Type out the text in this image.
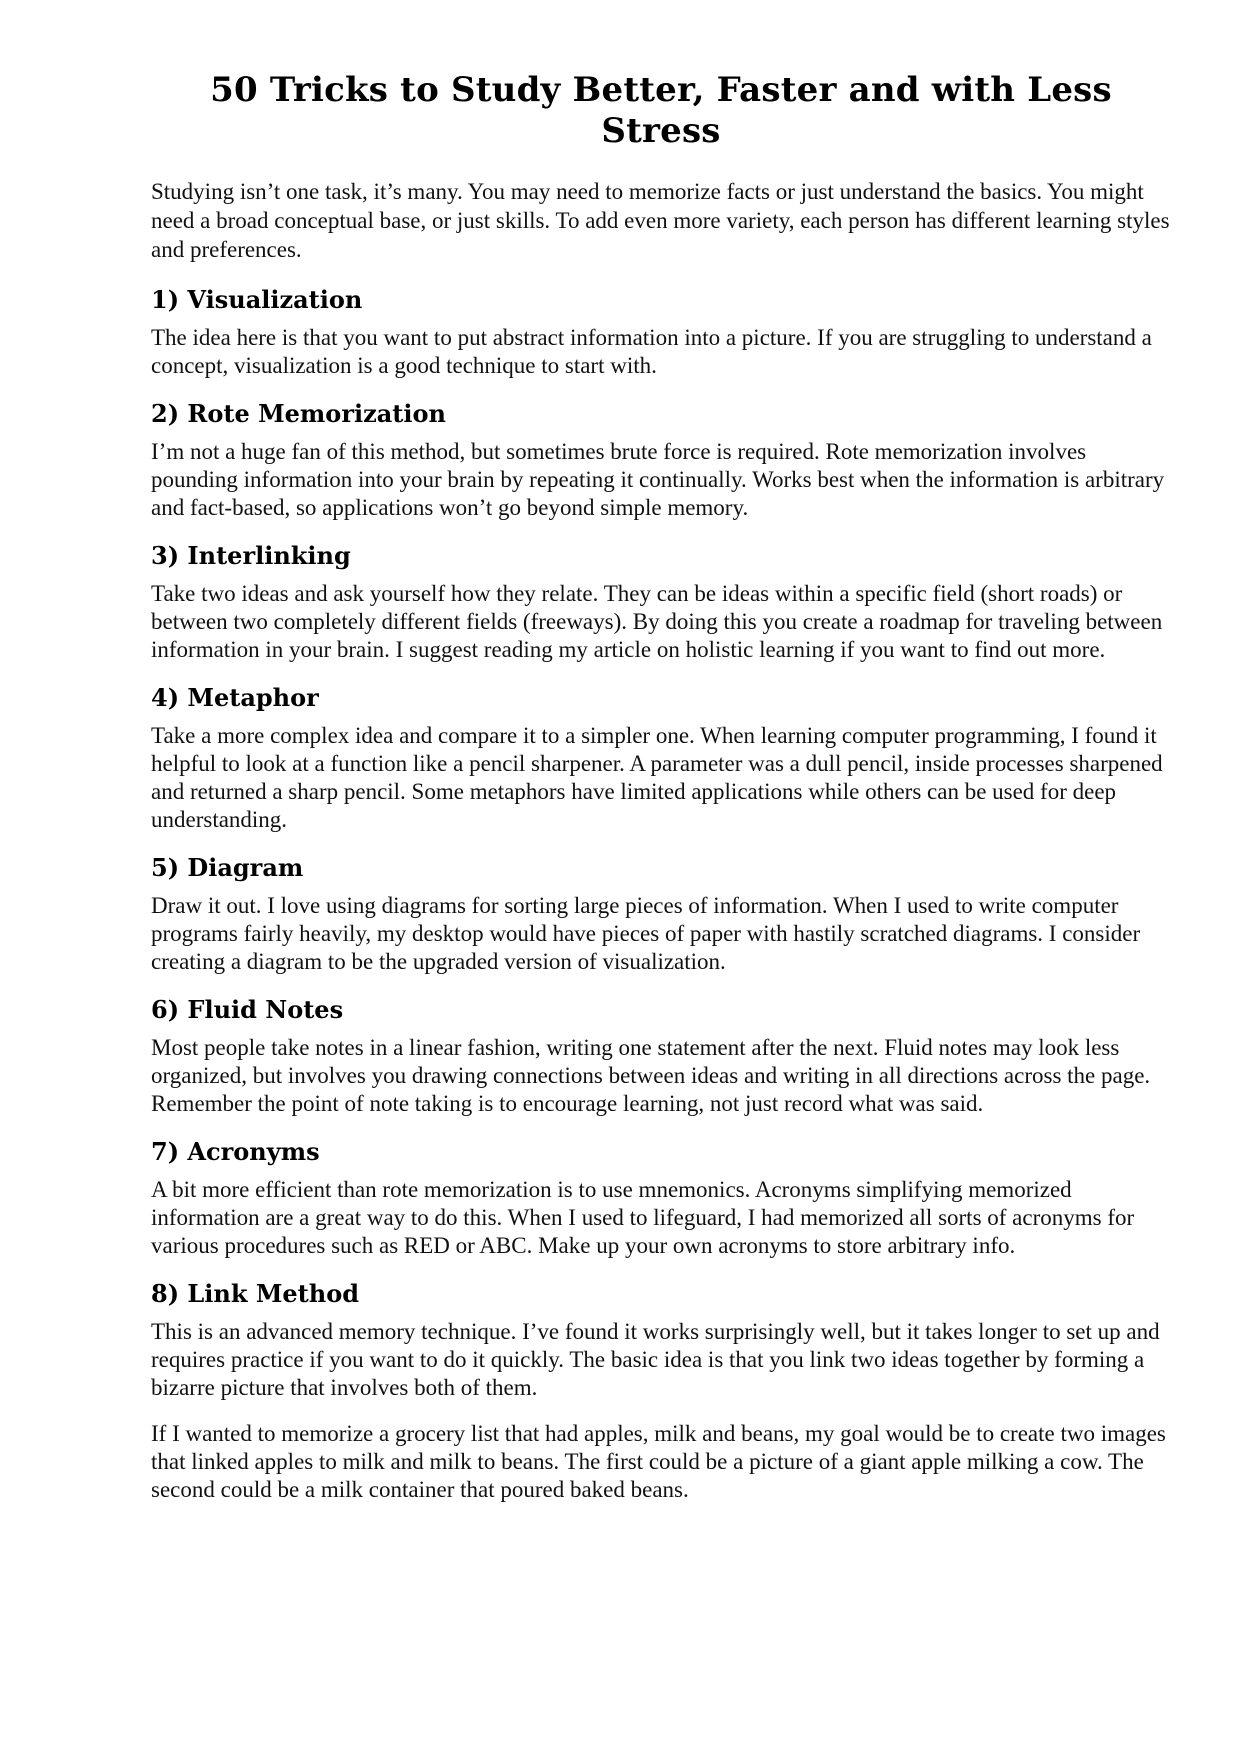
50 Tricks to Study Better, Faster and with Less Stress

Studying isn’t one task, it’s many. You may need to memorize facts or just understand the basics. You might need a broad conceptual base, or just skills. To add even more variety, each person has different learning styles and preferences.

1) Visualization

The idea here is that you want to put abstract information into a picture. If you are struggling to understand a concept, visualization is a good technique to start with.

2) Rote Memorization

I’m not a huge fan of this method, but sometimes brute force is required. Rote memorization involves pounding information into your brain by repeating it continually. Works best when the information is arbitrary and fact-based, so applications won’t go beyond simple memory.

3) Interlinking

Take two ideas and ask yourself how they relate. They can be ideas within a specific field (short roads) or between two completely different fields (freeways). By doing this you create a roadmap for traveling between information in your brain. I suggest reading my article on holistic learning if you want to find out more.

4) Metaphor

Take a more complex idea and compare it to a simpler one. When learning computer programming, I found it helpful to look at a function like a pencil sharpener. A parameter was a dull pencil, inside processes sharpened and returned a sharp pencil. Some metaphors have limited applications while others can be used for deep understanding.

5) Diagram

Draw it out. I love using diagrams for sorting large pieces of information. When I used to write computer programs fairly heavily, my desktop would have pieces of paper with hastily scratched diagrams. I consider creating a diagram to be the upgraded version of visualization.

6) Fluid Notes

Most people take notes in a linear fashion, writing one statement after the next. Fluid notes may look less organized, but involves you drawing connections between ideas and writing in all directions across the page. Remember the point of note taking is to encourage learning, not just record what was said.

7) Acronyms

A bit more efficient than rote memorization is to use mnemonics. Acronyms simplifying memorized information are a great way to do this. When I used to lifeguard, I had memorized all sorts of acronyms for various procedures such as RED or ABC. Make up your own acronyms to store arbitrary info.

8) Link Method

This is an advanced memory technique. I’ve found it works surprisingly well, but it takes longer to set up and requires practice if you want to do it quickly. The basic idea is that you link two ideas together by forming a bizarre picture that involves both of them.

If I wanted to memorize a grocery list that had apples, milk and beans, my goal would be to create two images that linked apples to milk and milk to beans. The first could be a picture of a giant apple milking a cow. The second could be a milk container that poured baked beans.
